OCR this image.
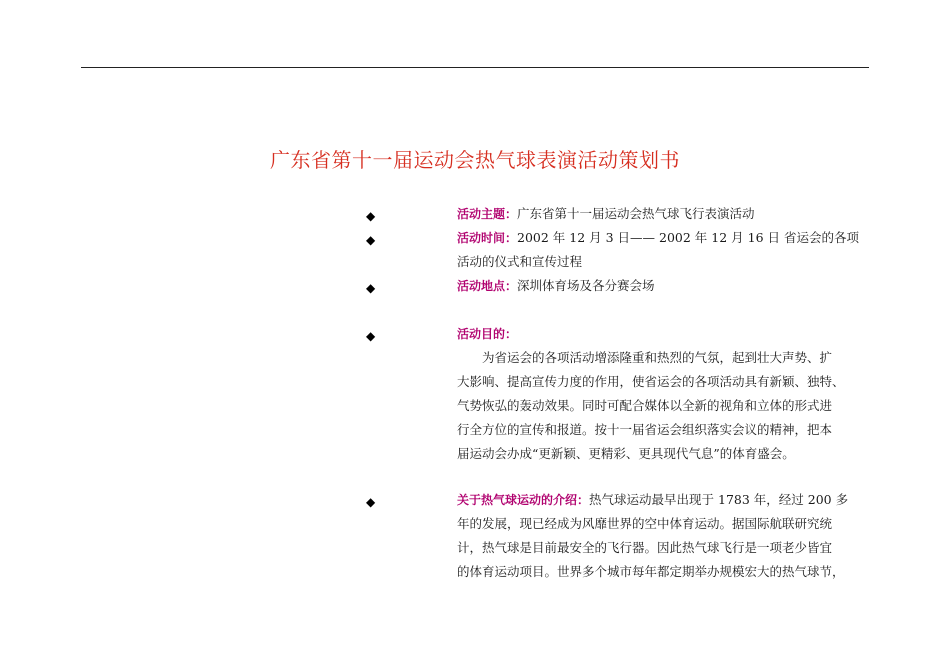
广东省第十一届运动会热气球表演活动策划书
◆	活动主题：广东省第十一届运动会热气球飞行表演活动
◆	活动时间：2002 年 12 月 3 日—— 2002 年 12 月 16 日 省运会的各项
活动的仪式和宣传过程
◆	活动地点：深圳体育场及各分赛会场
◆	活动目的：
为省运会的各项活动增添隆重和热烈的气氛，起到壮大声势、扩
大影响、提高宣传力度的作用，使省运会的各项活动具有新颖、独特、
气势恢弘的轰动效果。同时可配合媒体以全新的视角和立体的形式进
行全方位的宣传和报道。按十一届省运会组织落实会议的精神，把本
届运动会办成“更新颖、更精彩、更具现代气息”的体育盛会。
◆	关于热气球运动的介绍：热气球运动最早出现于 1783 年，经过 200 多
年的发展，现已经成为风靡世界的空中体育运动。据国际航联研究统
计，热气球是目前最安全的飞行器。因此热气球飞行是一项老少皆宜
的体育运动项目。世界多个城市每年都定期举办规模宏大的热气球节，
